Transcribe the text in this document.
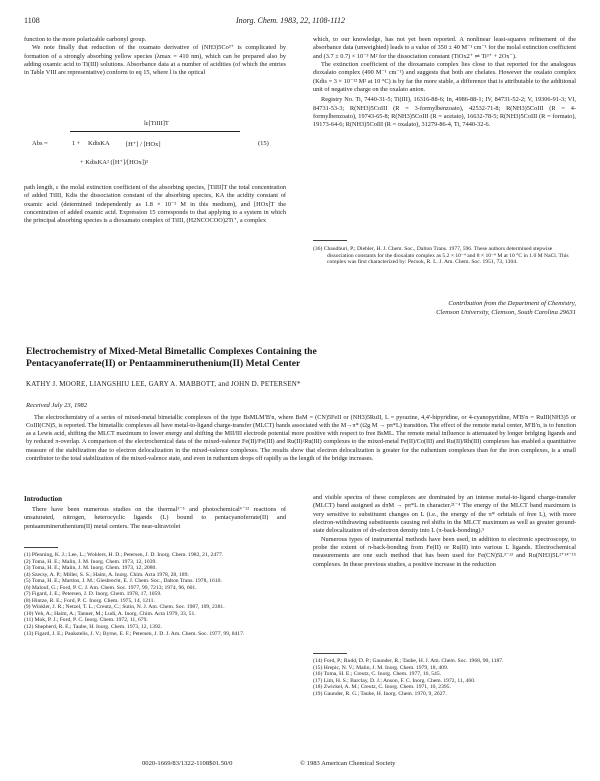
1108	Inorg. Chem. 1983, 22, 1108-1112

function to the more polarizable carbonyl group.

We note finally that reduction of the oxamato derivative of (NH3)5Co³⁺ is complicated by formation of a strongly absorbing yellow species (λmax = 410 nm), which can be prepared also by adding oxamic acid to Ti(III) solutions. Absorbance data at a number of acidities (of which the entries in Table VIII are representative) conform to eq 15, where l is the optical

Abs =
lε[TiIII]T
1 + KdisKA	[H⁺] / [HOx]
+ KdisKA² ([H⁺]/[HOx])²
(15)

path length, ε the molal extinction coefficient of the absorbing species, [TiIII]T the total concentration of added TiIII, Kdis the dissociation constant of the absorbing species, KA the acidity constant of oxamic acid (determined independently as 1.8 × 10⁻² M in this medium), and [HOx]T the concentration of added oxamic acid. Expression 15 corresponds to that applying to a system in which the principal absorbing species is a dioxamato complex of TiIII, (H2NCOCOO)2Ti⁺, a complex

which, to our knowledge, has not yet been reported. A nonlinear least-squares refinement of the absorbance data (unweighted) leads to a value of 350 ± 40 M⁻¹ cm⁻¹ for the molal extinction coefficient and (3.7 ± 0.7) × 10⁻³ M² for the dissociation constant (TiOx2⁺ ⇌ Ti³⁺ + 2Ox⁻).

The extinction coefficient of the dioxamato complex lies close to that reported for the analogous dioxalato complex (490 M⁻¹ cm⁻¹) and suggests that both are chelates. However the oxalato complex (Kdis = 3 × 10⁻¹² M² at 10 °C) is by far the more stable, a difference that is attributable to the additional unit of negative charge on the oxalato anion.

Registry No. Ti, 7440-31-5; Ti(III), 16316-88-6; In, 4986-88-1; IV, 84731-52-2; V, 19306-91-3; VI, 84731-53-3; R(NH3)5CoIII (R = 3-formylbenzoato), 42532-71-8; R(NH3)5CoIII (R = 4-formylbenzoato), 19743-65-8; R(NH3)5CoIII (R = acetato), 16632-78-5; R(NH3)5CoIII (R = formato), 19173-64-6; R(NH3)5CoIII (R = oxalato), 31279-86-4, Ti, 7440-32-6.

(36) Chaudhuri, P.; Diebler, H. J. Chem. Soc., Dalton Trans. 1977, 596. These authors determined stepwise dissociation constants for the dioxalato complex as 5.2 × 10⁻⁴ and 8 × 10⁻⁹ M at 10 °C in 1.0 M NaCl. This complex was first characterized by: Pecsok, R. L. J. Am. Chem. Soc. 1951, 73, 1304.
Contribution from the Department of Chemistry,
Clemson University, Clemson, South Carolina 29631
Electrochemistry of Mixed-Metal Bimetallic Complexes Containing the
Pentacyanoferrate(II) or Pentaammineruthenium(II) Metal Center
KATHY J. MOORE, LIANGSHIU LEE, GARY A. MABBOTT, and JOHN D. PETERSEN*
Received July 23, 1982

The electrochemistry of a series of mixed-metal bimetallic complexes of the type BsMLM′B′n, where BsM = (CN)5FeII or (NH3)5RuII, L = pyrazine, 4,4′-bipyridine, or 4-cyanopyridine, M′B′n = RuIII(NH3)5 or CoIII(CN)5, is reported. The bimetallic complexes all have metal-to-ligand charge-transfer (MLCT) bands associated with the M→π* (t2g M → pπ*L) transition. The effect of the remote metal center, M′B′n, is to function as a Lewis acid, shifting the MLCT maximum to lower energy and shifting the MII/III electrode potential more positive with respect to free BsML. The remote metal influence is attenuated by longer bridging ligands and by reduced π-overlap. A comparison of the electrochemical data of the mixed-valence Fe(II)/Fe(III) and Ru(II)/Ru(III) complexes to the mixed-metal Fe(II)/Co(III) and Ru(II)/Rh(III) complexes has enabled a quantitative measure of the stabilization due to electron delocalization in the mixed-valence complexes. The results show that electron delocalization is greater for the ruthenium complexes than for the iron complexes, is a small contributor to the total stabilization of the mixed-valence state, and even in ruthenium drops off rapidly as the length of the bridge increases.

Introduction

There have been numerous studies on the thermal¹⁻⁵ and photochemical⁶⁻¹² reactions of unsaturated, nitrogen, heterocyclic ligands (L) bound to pentacyanoferrate(II) and pentaammineruthenium(II) metal centers. The near-ultraviolet

(1) Pfenning, K. J.; Lee, L.; Wohlers, H. D.; Petersen, J. D. Inorg. Chem. 1982, 21, 2477.
(2) Toma, H. E.; Malin, J. M. Inorg. Chem. 1973, 12, 1039.
(3) Toma, H. E.; Malin, J. M. Inorg. Chem. 1973, 12, 2080.
(4) Szecsy, A. P.; Miller, S. S.; Haim, A. Inorg. Chim. Acta 1978, 28, 189.
(5) Toma, H. E.; Martins, J. M.; Giesbrecht, E. J. Chem. Soc., Dalton Trans. 1978, 1610.
(6) Malouf, G.; Ford, P. C. J. Am. Chem. Soc. 1977, 99, 7213; 1974, 96, 601.
(7) Figard, J. E.; Petersen, J. D. Inorg. Chem. 1978, 17, 1059.
(8) Hintze, R. E.; Ford, P. C. Inorg. Chem. 1975, 14, 1211.
(9) Winkler, J. R.; Netzel, T. L.; Creutz, C.; Sutin, N. J. Am. Chem. Soc. 1987, 109, 2381.
(10) Yeh, A.; Haim, A.; Tanner, M.; Ludi, A. Inorg. Chim. Acta 1979, 33, 51.
(11) Mok, P. J.; Ford, P. C. Inorg. Chem. 1972, 11, 679.
(12) Shepherd, R. E.; Taube, H. Inorg. Chem. 1973, 12, 1392.
(13) Figard, J. E.; Paukstelis, J. V.; Byrne, E. F.; Petersen, J. D. J. Am. Chem. Soc. 1977, 99, 8417.

and visible spectra of these complexes are dominated by an intense metal-to-ligand charge-transfer (MLCT) band assigned as dπM → pπ*L in character.²¹⁻⁴ The energy of the MLCT band maximum is very sensitive to substituent changes on L (i.e., the energy of the π* orbitals of free L), with more electron-withdrawing substituents causing red shifts in the MLCT maximum as well as greater ground-state delocalization of dπ-electron density into L (π-back-bonding).⁵

Numerous types of instrumental methods have been used, in addition to electronic spectroscopy, to probe the extent of π-back-bonding from Fe(II) or Ru(II) into various L ligands. Electrochemical measurements are one such method that has been used for Fe(CN)5L³⁻ᵃ³ and Ru(NH3)5L²⁺¹⁴⁻¹⁵ complexes. In these previous studies, a positive increase in the reduction

(14) Ford, P.; Rudd, D. P.; Gaunder, R.; Taube, H. J. Am. Chem. Soc. 1968, 90, 1187.
(15) Hrepic, N. V.; Malin, J. M. Inorg. Chem. 1979, 18, 409.
(16) Toma, H. E.; Creutz, C. Inorg. Chem. 1977, 16, 545.
(17) Lim, H. S.; Barclay, D. J.; Anson, F. C. Inorg. Chem. 1972, 11, 460.
(18) Zwickel, A. M.; Creutz, C. Inorg. Chem. 1971, 10, 2395.
(19) Gaunder, R. G.; Taube, H. Inorg. Chem. 1970, 9, 2627.
0020-1669/83/1322-1108$01.50/0	© 1983 American Chemical Society
